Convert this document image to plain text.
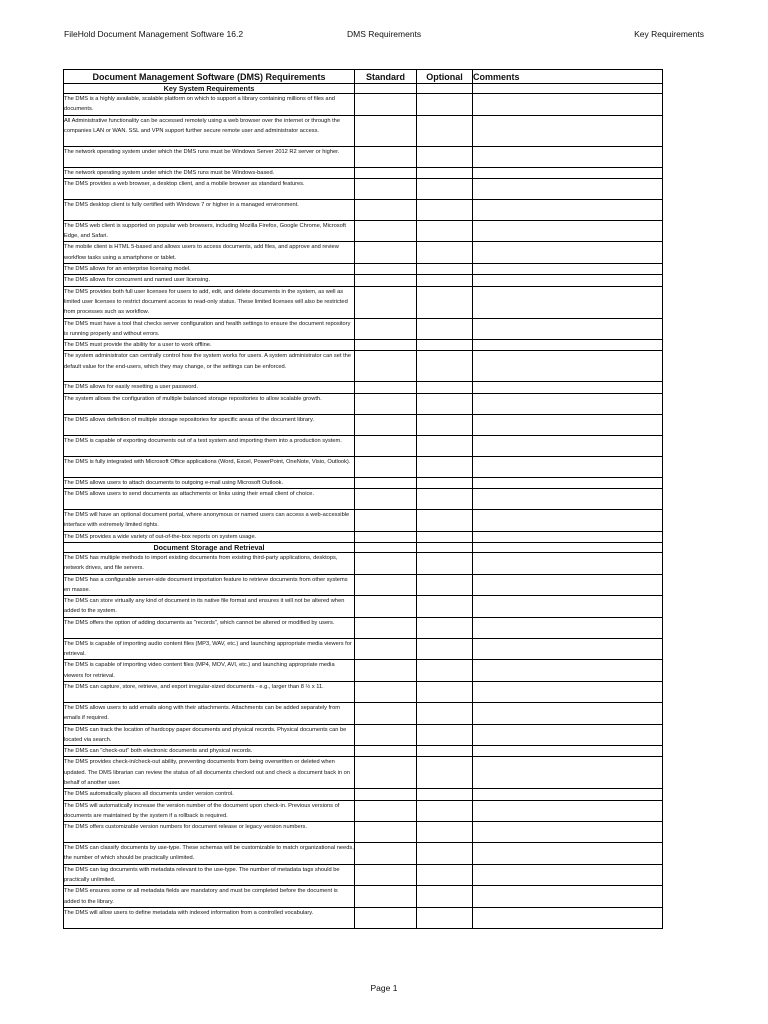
FileHold Document Management Software 16.2	DMS Requirements	Key Requirements
Document Management Software (DMS) Requirements	Standard	Optional	Comments
Key System Requirements			
The DMS is a highly available, scalable platform on which to support a library containing millions of files and documents.			
All Administrative functionality can be accessed remotely using a web browser over the internet or through the companies LAN or WAN. SSL and VPN support further secure remote user and administrator access.			
The network operating system under which the DMS runs must be Windows Server 2012 R2 server or higher.			
The network operating system under which the DMS runs must be Windows-based.			
The DMS provides a web browser, a desktop client, and a mobile browser as standard features.			
The DMS desktop client is fully certified with Windows 7 or higher in a managed environment.			
The DMS web client is supported on popular web browsers, including Mozilla Firefox, Google Chrome, Microsoft Edge, and Safari.			
The mobile client is HTML 5-based and allows users to access documents, add files, and approve and review workflow tasks using a smartphone or tablet.			
The DMS allows for an enterprise licensing model.			
The DMS allows for concurrent and named user licensing.			
The DMS provides both full user licenses for users to add, edit, and delete documents in the system, as well as limited user licenses to restrict document access to read-only status. These limited licenses will also be restricted from processes such as workflow.			
The DMS must have a tool that checks server configuration and health settings to ensure the document repository is running properly and without errors.			
The DMS must provide the ability for a user to work offline.			
The system administrator can centrally control how the system works for users. A system administrator can set the default value for the end-users, which they may change, or the settings can be enforced.			
The DMS allows for easily resetting a user password.			
The system allows the configuration of multiple balanced storage repositories to allow scalable growth.			
The DMS allows definition of multiple storage repositories for specific areas of the document library.			
The DMS is capable of exporting documents out of a test system and importing them into a production system.			
The DMS is fully integrated with Microsoft Office applications (Word, Excel, PowerPoint, OneNote, Visio, Outlook).			
The DMS allows users to attach documents to outgoing e-mail using Microsoft Outlook.			
The DMS allows users to send documents as attachments or links using their email client of choice.			
The DMS will have an optional document portal, where anonymous or named users can access a web-accessible interface with extremely limited rights.			
The DMS provides a wide variety of out-of-the-box reports on system usage.			
Document Storage and Retrieval			
The DMS has multiple methods to import existing documents from existing third-party applications, desktops, network drives, and file servers.			
The DMS has a configurable server-side document importation feature to retrieve documents from other systems en masse.			
The DMS can store virtually any kind of document in its native file format and ensures it will not be altered when added to the system.			
The DMS offers the option of adding documents as "records", which cannot be altered or modified by users.			
The DMS is capable of importing audio content files (MP3, WAV, etc.) and launching appropriate media viewers for retrieval.			
The DMS is capable of importing video content files (MP4, MOV, AVI, etc.) and launching appropriate media viewers for retrieval.			
The DMS can capture, store, retrieve, and export irregular-sized documents - e.g., larger than 8 ½ x 11.			
The DMS allows users to add emails along with their attachments. Attachments can be added separately from emails if required.			
The DMS can track the location of hardcopy paper documents and physical records. Physical documents can be located via search.			
The DMS can "check-out" both electronic documents and physical records.			
The DMS provides check-in/check-out ability, preventing documents from being overwritten or deleted when updated. The DMS librarian can review the status of all documents checked out and check a document back in on behalf of another user.			
The DMS automatically places all documents under version control.			
The DMS will automatically increase the version number of the document upon check-in. Previous versions of documents are maintained by the system if a rollback is required.			
The DMS offers customizable version numbers for document release or legacy version numbers.			
The DMS can classify documents by use-type. These schemas will be customizable to match organizational needs, the number of which should be practically unlimited.			
The DMS can tag documents with metadata relevant to the use-type. The number of metadata tags should be practically unlimited.			
The DMS ensures some or all metadata fields are mandatory and must be completed before the document is added to the library.			
The DMS will allow users to define metadata with indexed information from a controlled vocabulary.			
Page 1
